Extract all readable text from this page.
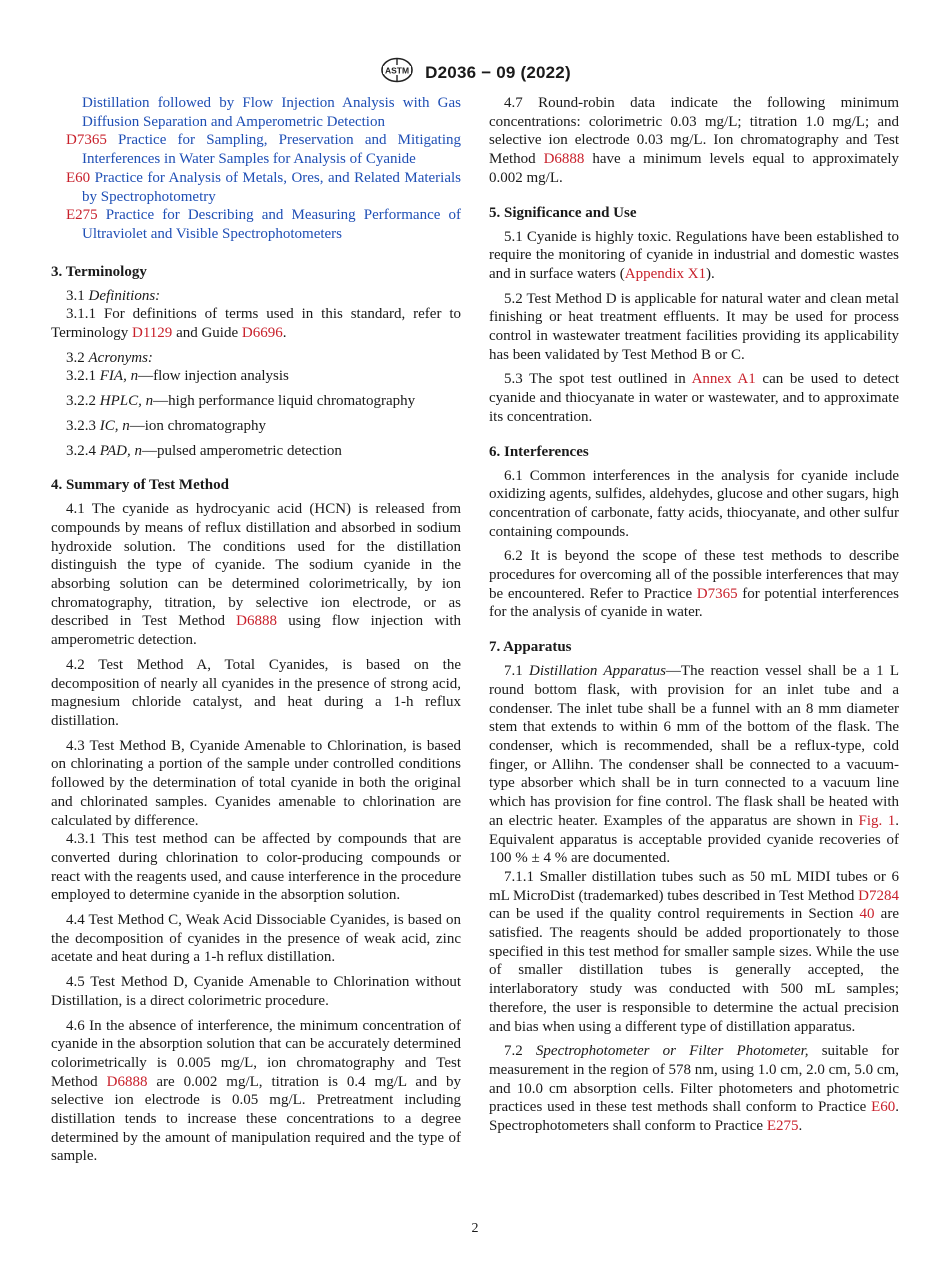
ASTM D2036 − 09 (2022)

Distillation followed by Flow Injection Analysis with Gas Diffusion Separation and Amperometric Detection

D7365 Practice for Sampling, Preservation and Mitigating Interferences in Water Samples for Analysis of Cyanide

E60 Practice for Analysis of Metals, Ores, and Related Materials by Spectrophotometry

E275 Practice for Describing and Measuring Performance of Ultraviolet and Visible Spectrophotometers

3. Terminology

3.1 Definitions:

3.1.1 For definitions of terms used in this standard, refer to Terminology D1129 and Guide D6696.

3.2 Acronyms:

3.2.1 FIA, n—flow injection analysis

3.2.2 HPLC, n—high performance liquid chromatography

3.2.3 IC, n—ion chromatography

3.2.4 PAD, n—pulsed amperometric detection

4. Summary of Test Method

4.1 The cyanide as hydrocyanic acid (HCN) is released from compounds by means of reflux distillation and absorbed in sodium hydroxide solution. The conditions used for the distillation distinguish the type of cyanide. The sodium cyanide in the absorbing solution can be determined colorimetrically, by ion chromatography, titration, by selective ion electrode, or as described in Test Method D6888 using flow injection with amperometric detection.

4.2 Test Method A, Total Cyanides, is based on the decomposition of nearly all cyanides in the presence of strong acid, magnesium chloride catalyst, and heat during a 1-h reflux distillation.

4.3 Test Method B, Cyanide Amenable to Chlorination, is based on chlorinating a portion of the sample under controlled conditions followed by the determination of total cyanide in both the original and chlorinated samples. Cyanides amenable to chlorination are calculated by difference.

4.3.1 This test method can be affected by compounds that are converted during chlorination to color-producing compounds or react with the reagents used, and cause interference in the procedure employed to determine cyanide in the absorption solution.

4.4 Test Method C, Weak Acid Dissociable Cyanides, is based on the decomposition of cyanides in the presence of weak acid, zinc acetate and heat during a 1-h reflux distillation.

4.5 Test Method D, Cyanide Amenable to Chlorination without Distillation, is a direct colorimetric procedure.

4.6 In the absence of interference, the minimum concentration of cyanide in the absorption solution that can be accurately determined colorimetrically is 0.005 mg/L, ion chromatography and Test Method D6888 are 0.002 mg/L, titration is 0.4 mg/L and by selective ion electrode is 0.05 mg/L. Pretreatment including distillation tends to increase these concentrations to a degree determined by the amount of manipulation required and the type of sample.

4.7 Round-robin data indicate the following minimum concentrations: colorimetric 0.03 mg/L; titration 1.0 mg/L; and selective ion electrode 0.03 mg/L. Ion chromatography and Test Method D6888 have a minimum levels equal to approximately 0.002 mg/L.

5. Significance and Use

5.1 Cyanide is highly toxic. Regulations have been established to require the monitoring of cyanide in industrial and domestic wastes and in surface waters (Appendix X1).

5.2 Test Method D is applicable for natural water and clean metal finishing or heat treatment effluents. It may be used for process control in wastewater treatment facilities providing its applicability has been validated by Test Method B or C.

5.3 The spot test outlined in Annex A1 can be used to detect cyanide and thiocyanate in water or wastewater, and to approximate its concentration.

6. Interferences

6.1 Common interferences in the analysis for cyanide include oxidizing agents, sulfides, aldehydes, glucose and other sugars, high concentration of carbonate, fatty acids, thiocyanate, and other sulfur containing compounds.

6.2 It is beyond the scope of these test methods to describe procedures for overcoming all of the possible interferences that may be encountered. Refer to Practice D7365 for potential interferences for the analysis of cyanide in water.

7. Apparatus

7.1 Distillation Apparatus—The reaction vessel shall be a 1 L round bottom flask, with provision for an inlet tube and a condenser. The inlet tube shall be a funnel with an 8 mm diameter stem that extends to within 6 mm of the bottom of the flask. The condenser, which is recommended, shall be a reflux-type, cold finger, or Allihn. The condenser shall be connected to a vacuum-type absorber which shall be in turn connected to a vacuum line which has provision for fine control. The flask shall be heated with an electric heater. Examples of the apparatus are shown in Fig. 1. Equivalent apparatus is acceptable provided cyanide recoveries of 100 % ± 4 % are documented.

7.1.1 Smaller distillation tubes such as 50 mL MIDI tubes or 6 mL MicroDist (trademarked) tubes described in Test Method D7284 can be used if the quality control requirements in Section 40 are satisfied. The reagents should be added proportionately to those specified in this test method for smaller sample sizes. While the use of smaller distillation tubes is generally accepted, the interlaboratory study was conducted with 500 mL samples; therefore, the user is responsible to determine the actual precision and bias when using a different type of distillation apparatus.

7.2 Spectrophotometer or Filter Photometer, suitable for measurement in the region of 578 nm, using 1.0 cm, 2.0 cm, 5.0 cm, and 10.0 cm absorption cells. Filter photometers and photometric practices used in these test methods shall conform to Practice E60. Spectrophotometers shall conform to Practice E275.

2
